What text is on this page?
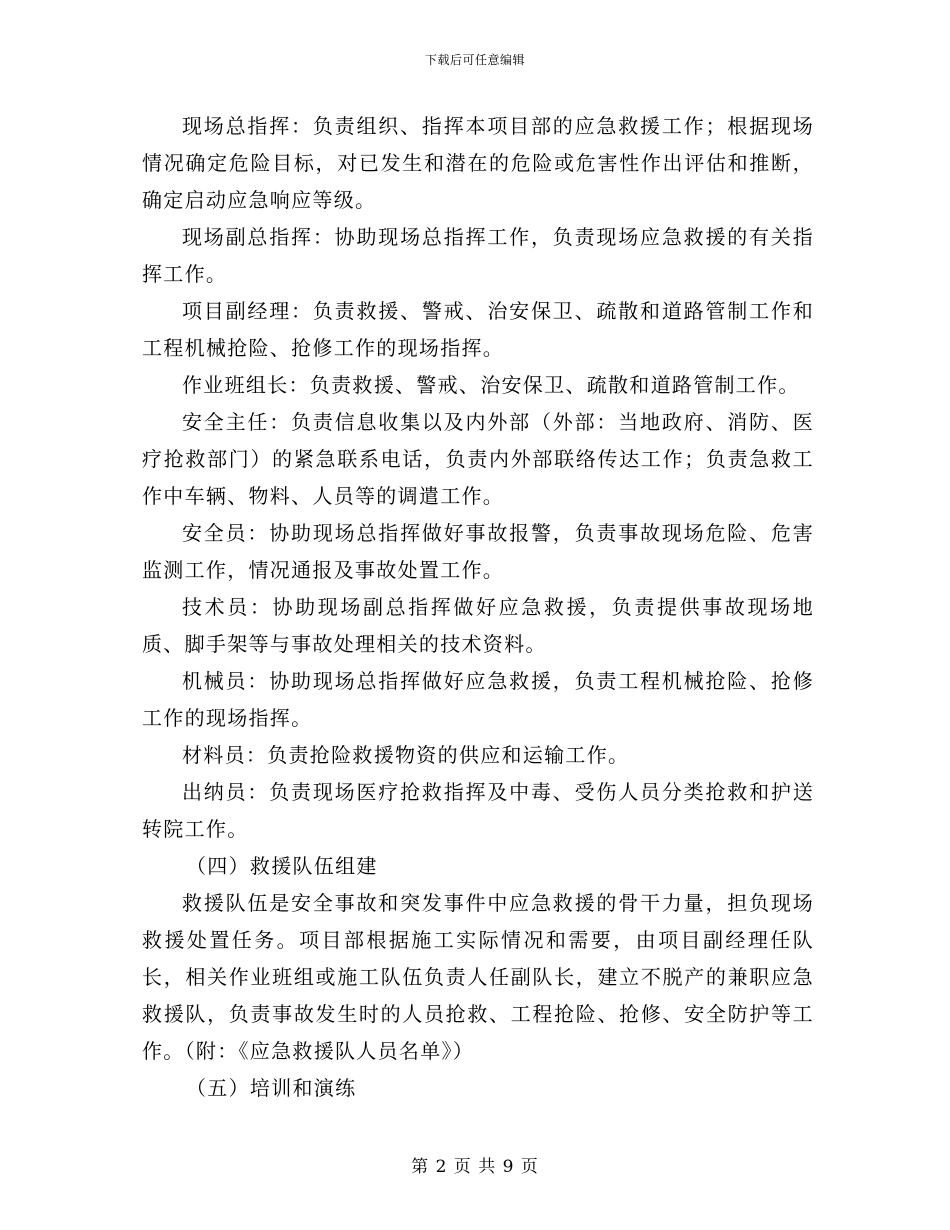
下载后可任意编辑

现场总指挥：负责组织、指挥本项目部的应急救援工作；根据现场情况确定危险目标，对已发生和潜在的危险或危害性作出评估和推断，确定启动应急响应等级。

现场副总指挥：协助现场总指挥工作，负责现场应急救援的有关指挥工作。

项目副经理：负责救援、警戒、治安保卫、疏散和道路管制工作和工程机械抢险、抢修工作的现场指挥。

作业班组长：负责救援、警戒、治安保卫、疏散和道路管制工作。

安全主任：负责信息收集以及内外部（外部：当地政府、消防、医疗抢救部门）的紧急联系电话，负责内外部联络传达工作；负责急救工作中车辆、物料、人员等的调遣工作。

安全员：协助现场总指挥做好事故报警，负责事故现场危险、危害监测工作，情况通报及事故处置工作。

技术员：协助现场副总指挥做好应急救援，负责提供事故现场地质、脚手架等与事故处理相关的技术资料。

机械员：协助现场总指挥做好应急救援，负责工程机械抢险、抢修工作的现场指挥。

材料员：负责抢险救援物资的供应和运输工作。

出纳员：负责现场医疗抢救指挥及中毒、受伤人员分类抢救和护送转院工作。

（四）救援队伍组建

救援队伍是安全事故和突发事件中应急救援的骨干力量，担负现场救援处置任务。项目部根据施工实际情况和需要，由项目副经理任队长，相关作业班组或施工队伍负责人任副队长，建立不脱产的兼职应急救援队，负责事故发生时的人员抢救、工程抢险、抢修、安全防护等工作。（附：《应急救援队人员名单》）

（五）培训和演练

第 2 页 共 9 页
